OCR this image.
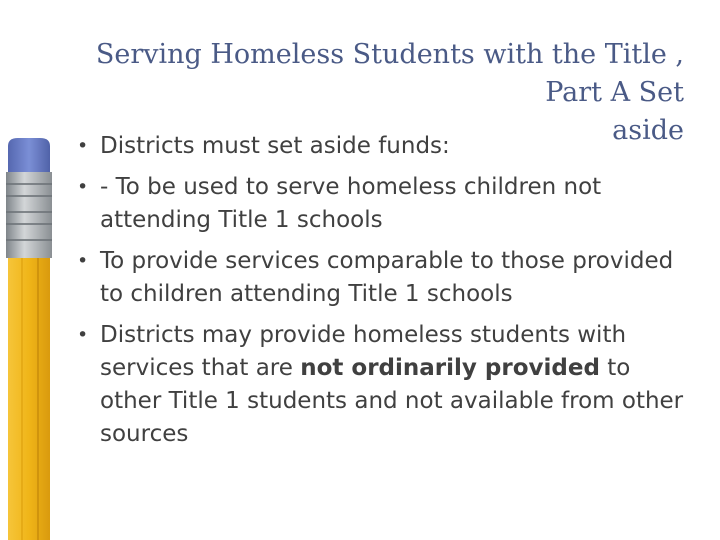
Serving Homeless Students with the Title ,
Part A Set
aside
• Districts must set aside funds:
• - To be used to serve homeless children not attending Title 1 schools
• To provide services comparable to those provided to children attending Title 1 schools
• Districts may provide homeless students with services that are not ordinarily provided to other Title 1 students and not available from other sources
